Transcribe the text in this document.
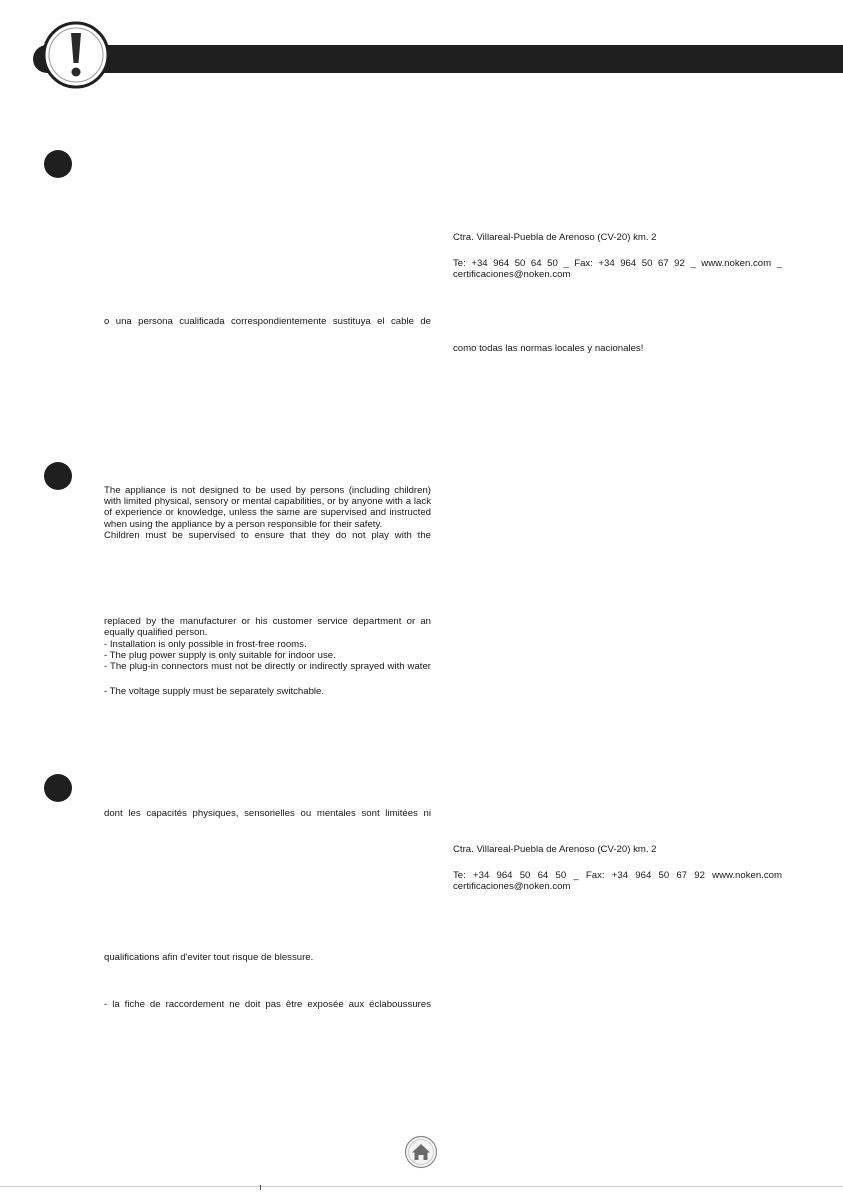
o una persona cualificada correspondientemente sustituya el cable de

The appliance is not designed to be used by persons (including children)
with limited physical, sensory or mental capabilities, or by anyone with a lack
of experience or knowledge, unless the same are supervised and instructed
when using the appliance by a person responsible for their safety.

Children must be supervised to ensure that they do not play with the

replaced by the manufacturer or his customer service department or an
equally qualified person.

- Installation is only possible in frost-free rooms.
- The plug power supply is only suitable for indoor use.
- The plug-in connectors must not be directly or indirectly sprayed with water

- The voltage supply must be separately switchable.

dont les capacités physiques, sensorielles ou mentales sont limitées ni

qualifications afin d'eviter tout risque de blessure.

- la fiche de raccordement ne doit pas être exposée aux éclaboussures

Ctra. Villareal-Puebla de Arenoso (CV-20) km. 2

Te: +34 964 50 64 50 _ Fax: +34 964 50 67 92 _ www.noken.com _
certificaciones@noken.com

como todas las normas locales y nacionales!

Ctra. Villareal-Puebla de Arenoso (CV-20) km. 2

Te: +34 964 50 64 50 _ Fax: +34 964 50 67 92 www.noken.com
certificaciones@noken.com
